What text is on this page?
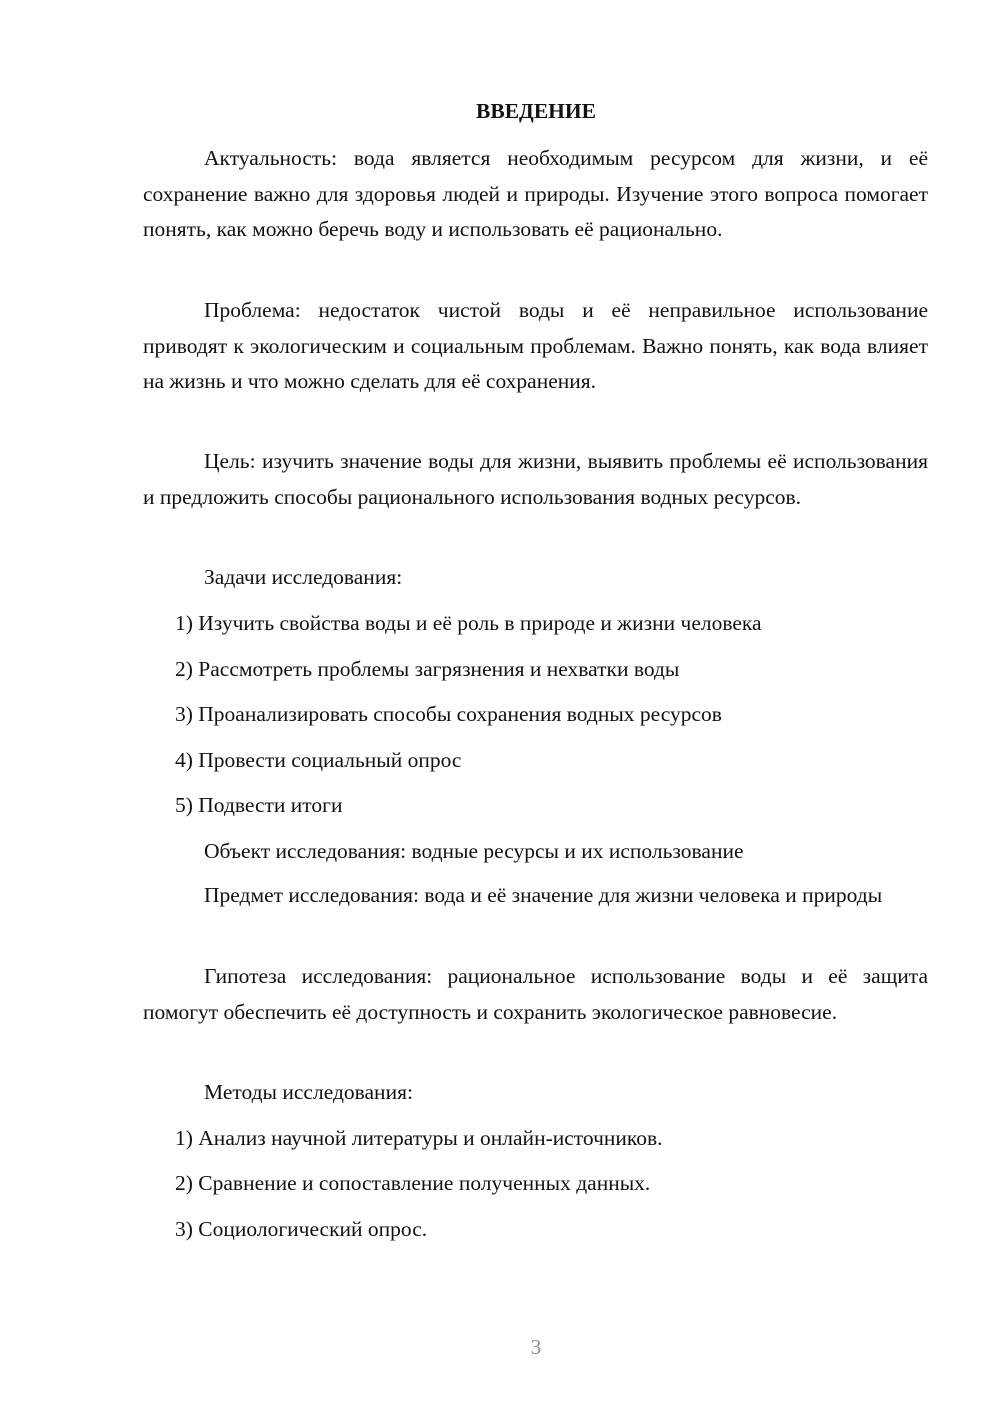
ВВЕДЕНИЕ

Актуальность: вода является необходимым ресурсом для жизни, и её сохранение важно для здоровья людей и природы. Изучение этого вопроса помогает понять, как можно беречь воду и использовать её рационально.

Проблема: недостаток чистой воды и её неправильное использование приводят к экологическим и социальным проблемам. Важно понять, как вода влияет на жизнь и что можно сделать для её сохранения.

Цель: изучить значение воды для жизни, выявить проблемы её использования и предложить способы рационального использования водных ресурсов.

Задачи исследования:

1) Изучить свойства воды и её роль в природе и жизни человека

2) Рассмотреть проблемы загрязнения и нехватки воды

3) Проанализировать способы сохранения водных ресурсов

4) Провести социальный опрос

5) Подвести итоги

Объект исследования: водные ресурсы и их использование

Предмет исследования: вода и её значение для жизни человека и природы

Гипотеза исследования: рациональное использование воды и её защита помогут обеспечить её доступность и сохранить экологическое равновесие.

Методы исследования:

1) Анализ научной литературы и онлайн-источников.

2) Сравнение и сопоставление полученных данных.

3) Социологический опрос.

3
